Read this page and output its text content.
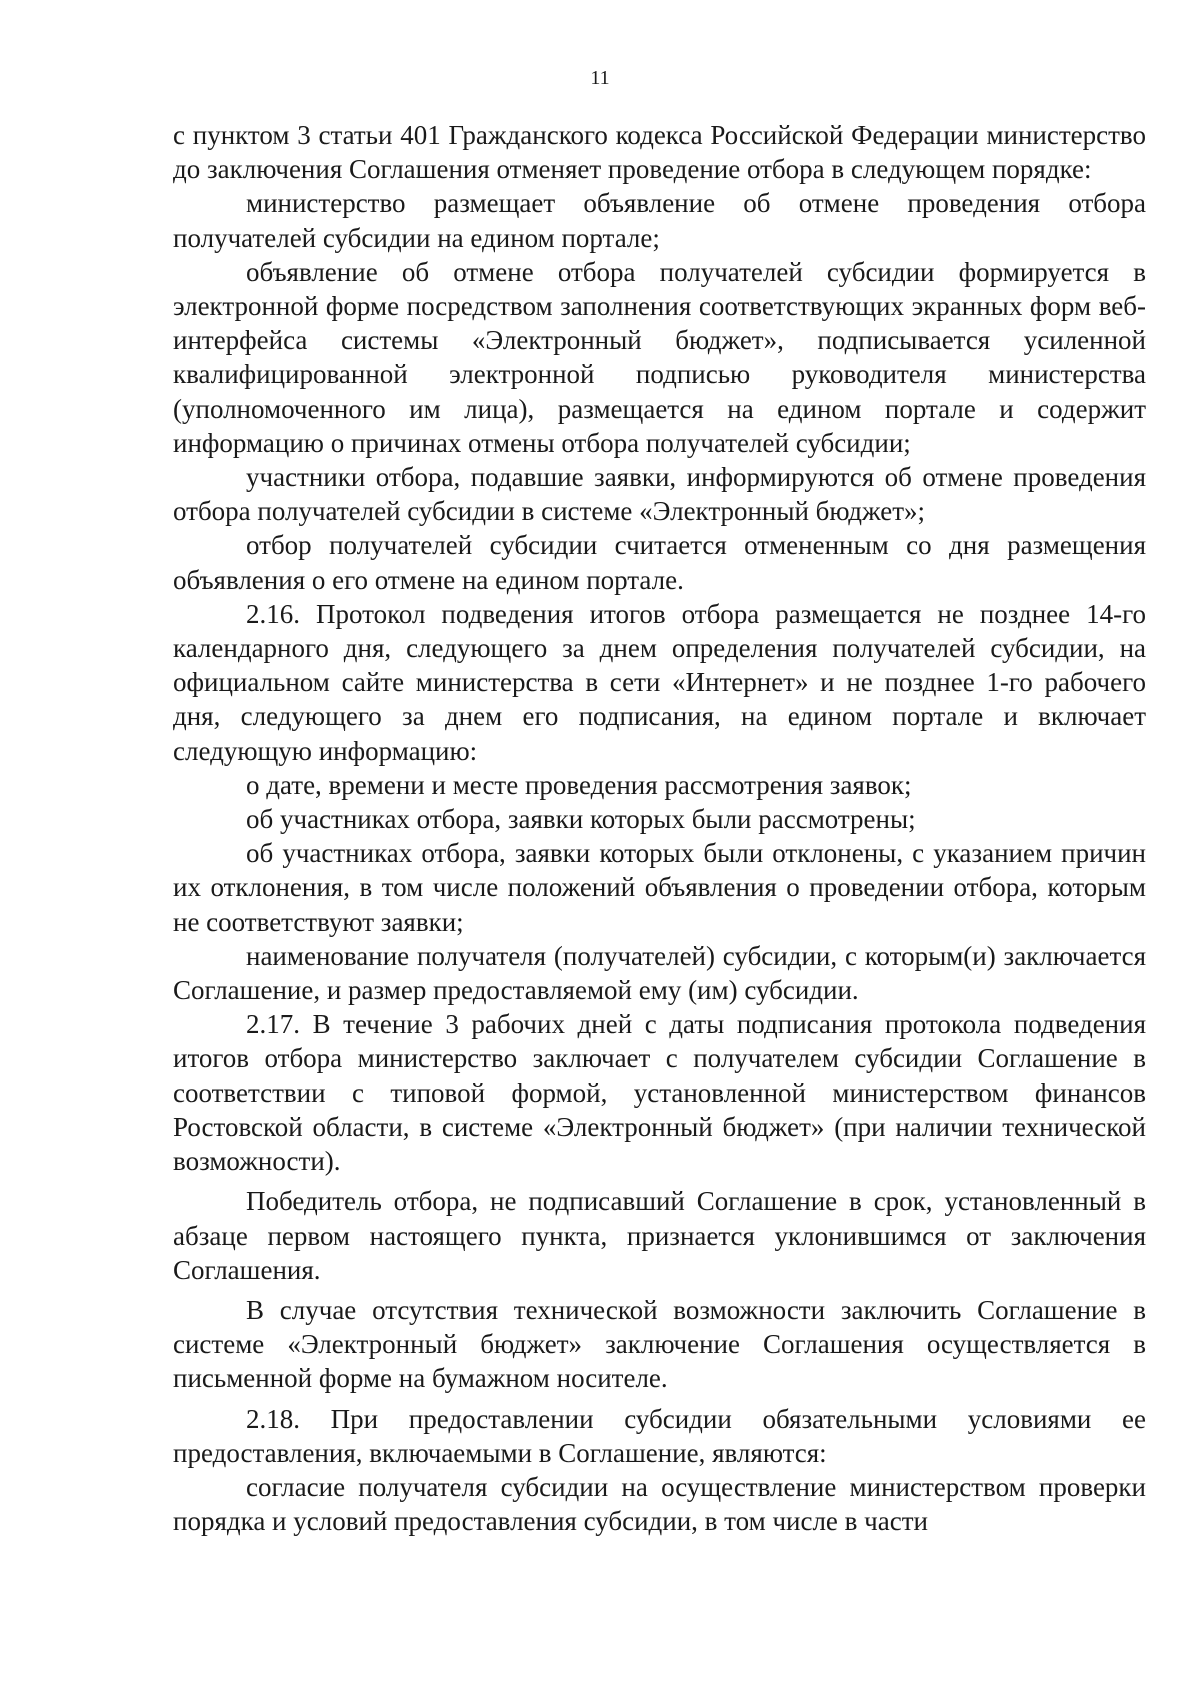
11

с пунктом 3 статьи 401 Гражданского кодекса Российской Федерации министерство до заключения Соглашения отменяет проведение отбора в следующем порядке:

министерство размещает объявление об отмене проведения отбора получателей субсидии на едином портале;

объявление об отмене отбора получателей субсидии формируется в электронной форме посредством заполнения соответствующих экранных форм веб-интерфейса системы «Электронный бюджет», подписывается усиленной квалифицированной электронной подписью руководителя министерства (уполномоченного им лица), размещается на едином портале и содержит информацию о причинах отмены отбора получателей субсидии;

участники отбора, подавшие заявки, информируются об отмене проведения отбора получателей субсидии в системе «Электронный бюджет»;

отбор получателей субсидии считается отмененным со дня размещения объявления о его отмене на едином портале.

2.16. Протокол подведения итогов отбора размещается не позднее 14-го календарного дня, следующего за днем определения получателей субсидии, на официальном сайте министерства в сети «Интернет» и не позднее 1-го рабочего дня, следующего за днем его подписания, на едином портале и включает следующую информацию:

о дате, времени и месте проведения рассмотрения заявок;

об участниках отбора, заявки которых были рассмотрены;

об участниках отбора, заявки которых были отклонены, с указанием причин их отклонения, в том числе положений объявления о проведении отбора, которым не соответствуют заявки;

наименование получателя (получателей) субсидии, с которым(и) заключается Соглашение, и размер предоставляемой ему (им) субсидии.

2.17. В течение 3 рабочих дней с даты подписания протокола подведения итогов отбора министерство заключает с получателем субсидии Соглашение в соответствии с типовой формой, установленной министерством финансов Ростовской области, в системе «Электронный бюджет» (при наличии технической возможности).

Победитель отбора, не подписавший Соглашение в срок, установленный в абзаце первом настоящего пункта, признается уклонившимся от заключения Соглашения.

В случае отсутствия технической возможности заключить Соглашение в системе «Электронный бюджет» заключение Соглашения осуществляется в письменной форме на бумажном носителе.

2.18. При предоставлении субсидии обязательными условиями ее предоставления, включаемыми в Соглашение, являются:

согласие получателя субсидии на осуществление министерством проверки порядка и условий предоставления субсидии, в том числе в части
